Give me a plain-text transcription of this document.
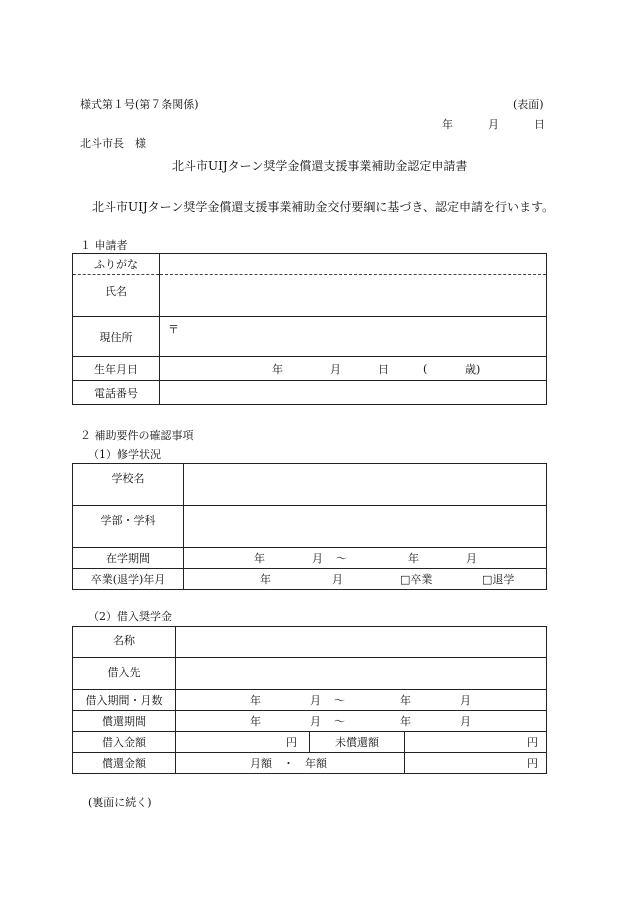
様式第１号(第７条関係)	(表面)
年	月	日
北斗市長　様
北斗市UIJターン奨学金償還支援事業補助金認定申請書
北斗市UIJターン奨学金償還支援事業補助金交付要綱に基づき、認定申請を行います。
１ 申請者
ふりがな	
氏名	
現住所	〒
生年月日	年 月 日 ( 歳)

電話番号	
２ 補助要件の確認事項
（1）修学状況
学校名	
学部・学科	
在学期間	年 月 ～ 年 月

卒業(退学)年月	年 月 □卒業 □退学
（2）借入奨学金
名称			
借入先			
借入期間・月数	年 月 ～ 年 月		

償還期間	年 月 ～ 年 月		

借入金額	円	未償還額	円

償還金額	月額　・　年額		円
(裏面に続く)
